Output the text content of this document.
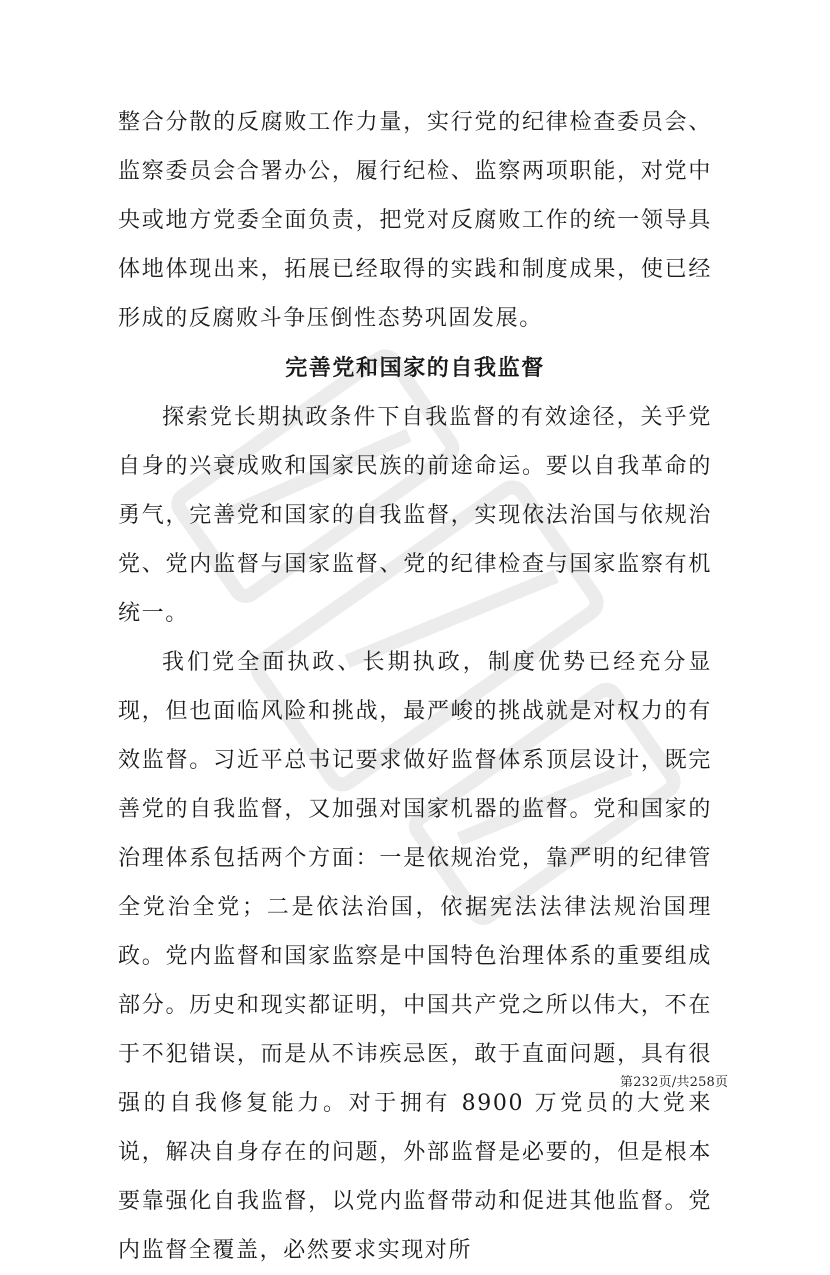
整合分散的反腐败工作力量，实行党的纪律检查委员会、监察委员会合署办公，履行纪检、监察两项职能，对党中央或地方党委全面负责，把党对反腐败工作的统一领导具体地体现出来，拓展已经取得的实践和制度成果，使已经形成的反腐败斗争压倒性态势巩固发展。

完善党和国家的自我监督

探索党长期执政条件下自我监督的有效途径，关乎党自身的兴衰成败和国家民族的前途命运。要以自我革命的勇气，完善党和国家的自我监督，实现依法治国与依规治党、党内监督与国家监督、党的纪律检查与国家监察有机统一。

我们党全面执政、长期执政，制度优势已经充分显现，但也面临风险和挑战，最严峻的挑战就是对权力的有效监督。习近平总书记要求做好监督体系顶层设计，既完善党的自我监督，又加强对国家机器的监督。党和国家的治理体系包括两个方面：一是依规治党，靠严明的纪律管全党治全党；二是依法治国，依据宪法法律法规治国理政。党内监督和国家监察是中国特色治理体系的重要组成部分。历史和现实都证明，中国共产党之所以伟大，不在于不犯错误，而是从不讳疾忌医，敢于直面问题，具有很强的自我修复能力。对于拥有 8900 万党员的大党来说，解决自身存在的问题，外部监督是必要的，但是根本要靠强化自我监督，以党内监督带动和促进其他监督。党内监督全覆盖，必然要求实现对所

第232页/共258页
